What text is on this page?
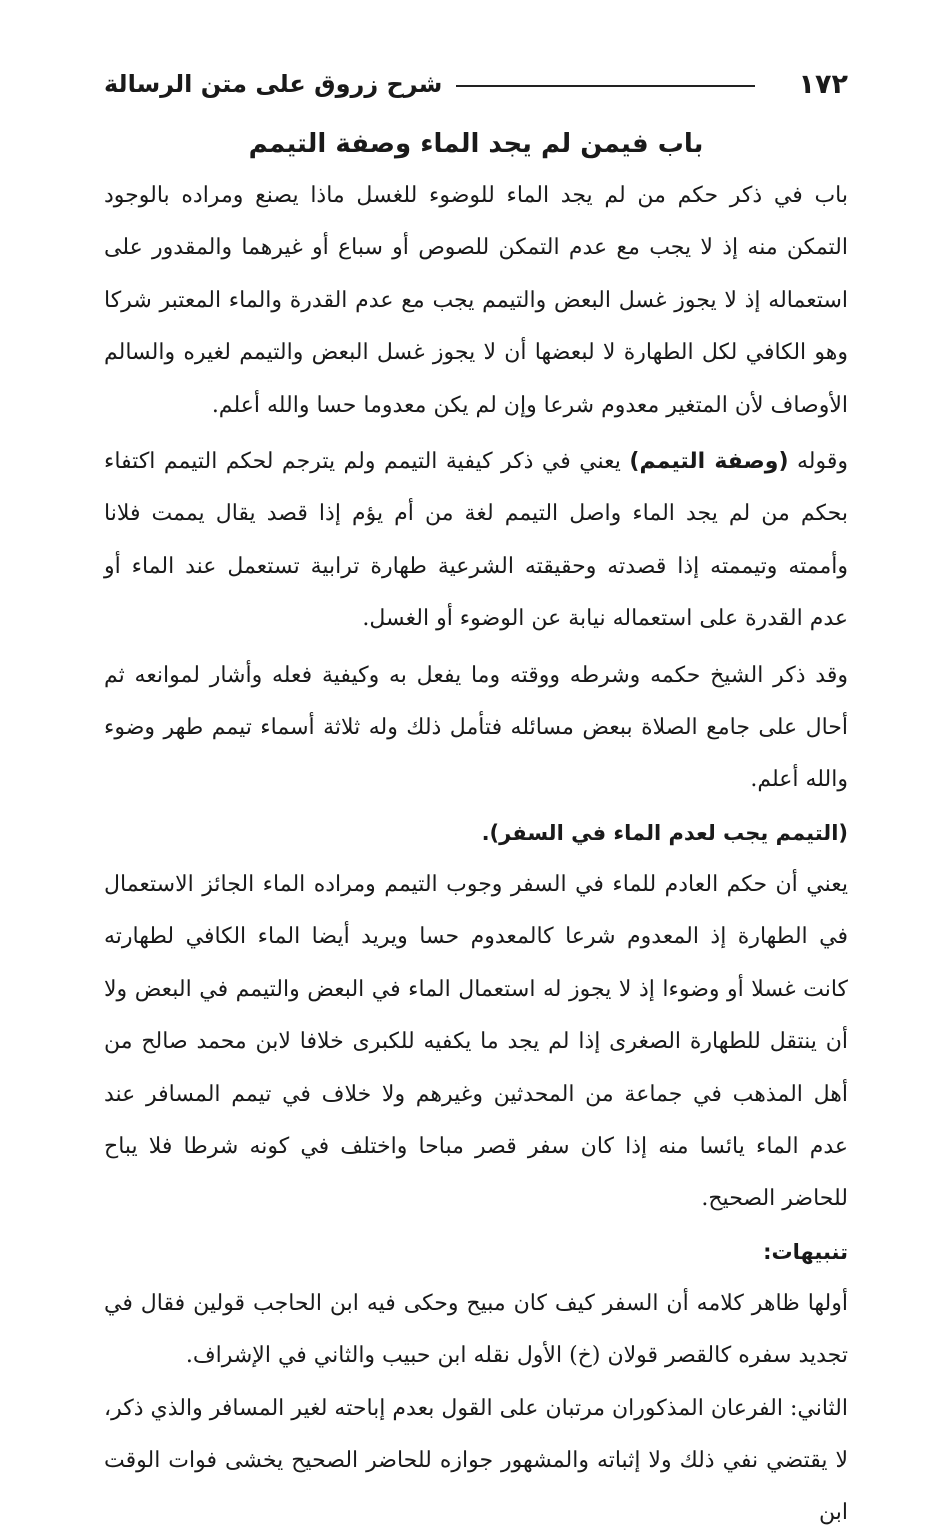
١٧٢
شرح زروق على متن الرسالة
باب فيمن لم يجد الماء وصفة التيمم

باب في ذكر حكم من لم يجد الماء للوضوء للغسل ماذا يصنع ومراده بالوجود التمكن منه إذ لا يجب مع عدم التمكن للصوص أو سباع أو غيرهما والمقدور على استعماله إذ لا يجوز غسل البعض والتيمم يجب مع عدم القدرة والماء المعتبر شركا وهو الكافي لكل الطهارة لا لبعضها أن لا يجوز غسل البعض والتيمم لغيره والسالم الأوصاف لأن المتغير معدوم شرعا وإن لم يكن معدوما حسا والله أعلم.

وقوله (وصفة التيمم) يعني في ذكر كيفية التيمم ولم يترجم لحكم التيمم اكتفاء بحكم من لم يجد الماء واصل التيمم لغة من أم يؤم إذا قصد يقال يممت فلانا وأممته وتيممته إذا قصدته وحقيقته الشرعية طهارة ترابية تستعمل عند الماء أو عدم القدرة على استعماله نيابة عن الوضوء أو الغسل.

وقد ذكر الشيخ حكمه وشرطه ووقته وما يفعل به وكيفية فعله وأشار لموانعه ثم أحال على جامع الصلاة ببعض مسائله فتأمل ذلك وله ثلاثة أسماء تيمم طهر وضوء والله أعلم.

(التيمم يجب لعدم الماء في السفر).

يعني أن حكم العادم للماء في السفر وجوب التيمم ومراده الماء الجائز الاستعمال في الطهارة إذ المعدوم شرعا كالمعدوم حسا ويريد أيضا الماء الكافي لطهارته كانت غسلا أو وضوءا إذ لا يجوز له استعمال الماء في البعض والتيمم في البعض ولا أن ينتقل للطهارة الصغرى إذا لم يجد ما يكفيه للكبرى خلافا لابن محمد صالح من أهل المذهب في جماعة من المحدثين وغيرهم ولا خلاف في تيمم المسافر عند عدم الماء يائسا منه إذا كان سفر قصر مباحا واختلف في كونه شرطا فلا يباح للحاضر الصحيح.

تنبيهات:

أولها ظاهر كلامه أن السفر كيف كان مبيح وحكى فيه ابن الحاجب قولين فقال في تجديد سفره كالقصر قولان (خ) الأول نقله ابن حبيب والثاني في الإشراف.

الثاني: الفرعان المذكوران مرتبان على القول بعدم إباحته لغير المسافر والذي ذكر، لا يقتضي نفي ذلك ولا إثباته والمشهور جوازه للحاضر الصحيح يخشى فوات الوقت ابن
